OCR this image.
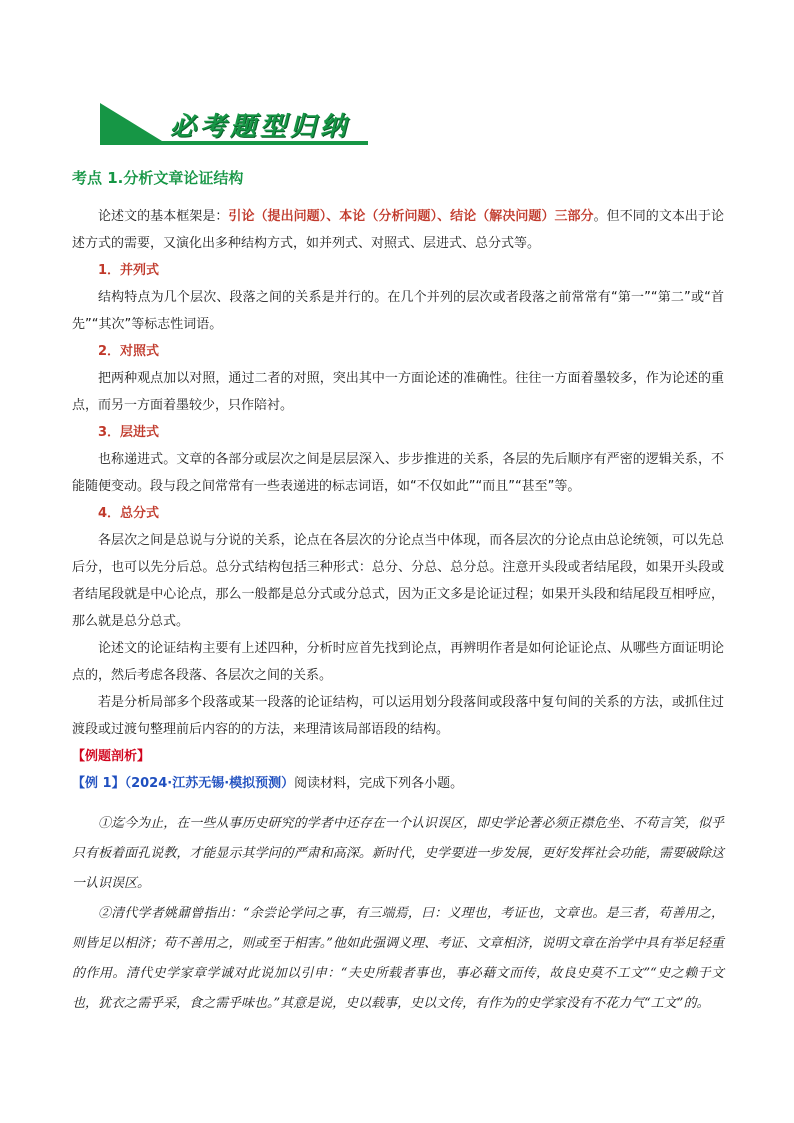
必考题型归纳
考点 1.分析文章论证结构

论述文的基本框架是：引论（提出问题）、本论（分析问题）、结论（解决问题）三部分。但不同的文本出于论述方式的需要，又演化出多种结构方式，如并列式、对照式、层进式、总分式等。

1．并列式

结构特点为几个层次、段落之间的关系是并行的。在几个并列的层次或者段落之前常常有“第一”“第二”或“首先”“其次”等标志性词语。

2．对照式

把两种观点加以对照，通过二者的对照，突出其中一方面论述的准确性。往往一方面着墨较多，作为论述的重点，而另一方面着墨较少，只作陪衬。

3．层进式

也称递进式。文章的各部分或层次之间是层层深入、步步推进的关系，各层的先后顺序有严密的逻辑关系，不能随便变动。段与段之间常常有一些表递进的标志词语，如“不仅如此”“而且”“甚至”等。

4．总分式

各层次之间是总说与分说的关系，论点在各层次的分论点当中体现，而各层次的分论点由总论统领，可以先总后分，也可以先分后总。总分式结构包括三种形式：总分、分总、总分总。注意开头段或者结尾段，如果开头段或者结尾段就是中心论点，那么一般都是总分式或分总式，因为正文多是论证过程；如果开头段和结尾段互相呼应，那么就是总分总式。

论述文的论证结构主要有上述四种，分析时应首先找到论点，再辨明作者是如何论证论点、从哪些方面证明论点的，然后考虑各段落、各层次之间的关系。

若是分析局部多个段落或某一段落的论证结构，可以运用划分段落间或段落中复句间的关系的方法，或抓住过渡段或过渡句整理前后内容的的方法，来理清该局部语段的结构。

【例题剖析】

【例 1】（2024·江苏无锡·模拟预测）阅读材料，完成下列各小题。

①迄今为止，在一些从事历史研究的学者中还存在一个认识误区，即史学论著必须正襟危坐、不苟言笑，似乎只有板着面孔说教，才能显示其学问的严肃和高深。新时代，史学要进一步发展，更好发挥社会功能，需要破除这一认识误区。

②清代学者姚鼐曾指出：“余尝论学问之事，有三端焉，曰：义理也，考证也，文章也。是三者，苟善用之，则皆足以相济；苟不善用之，则或至于相害。”他如此强调义理、考证、文章相济，说明文章在治学中具有举足轻重的作用。清代史学家章学诚对此说加以引申：“夫史所载者事也，事必藉文而传，故良史莫不工文”“史之赖于文也，犹衣之需乎采，食之需乎味也。”其意是说，史以载事，史以文传，有作为的史学家没有不花力气“工文”的。
